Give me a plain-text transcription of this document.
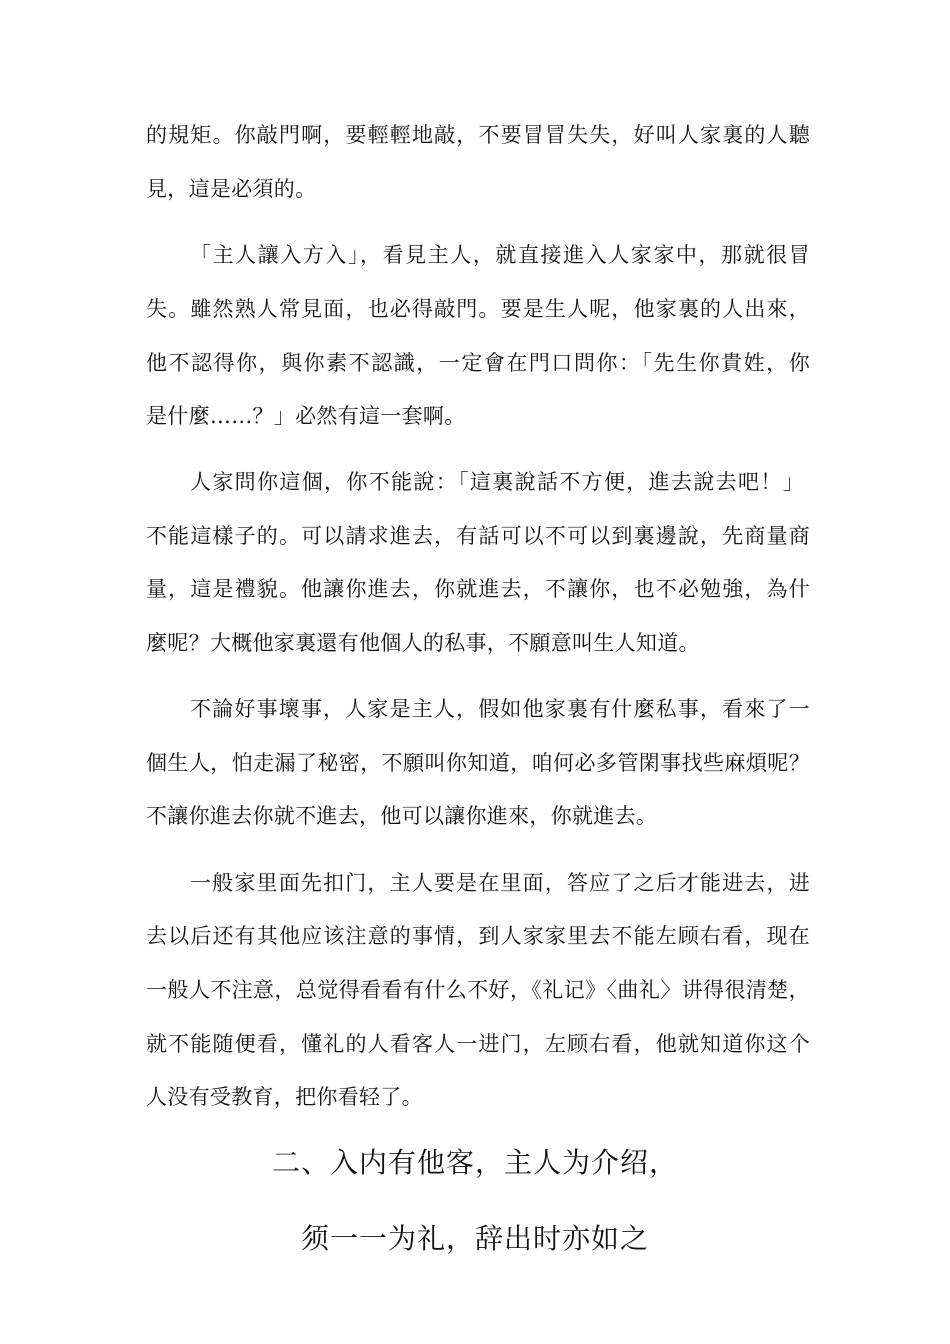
的規矩。你敲門啊，要輕輕地敲，不要冒冒失失，好叫人家裏的人聽
見，這是必須的。
「主人讓入方入」，看見主人，就直接進入人家家中，那就很冒
失。雖然熟人常見面，也必得敲門。要是生人呢，他家裏的人出來，
他不認得你，與你素不認識，一定會在門口問你：「先生你貴姓，你
是什麼……？」必然有這一套啊。
人家問你這個，你不能說：「這裏說話不方便，進去說去吧！」
不能這樣子的。可以請求進去，有話可以不可以到裏邊說，先商量商
量，這是禮貌。他讓你進去，你就進去，不讓你，也不必勉強，為什
麼呢？大概他家裏還有他個人的私事，不願意叫生人知道。
不論好事壞事，人家是主人，假如他家裏有什麼私事，看來了一
個生人，怕走漏了秘密，不願叫你知道，咱何必多管閑事找些麻煩呢？
不讓你進去你就不進去，他可以讓你進來，你就進去。
一般家里面先扣门，主人要是在里面，答应了之后才能进去，进
去以后还有其他应该注意的事情，到人家家里去不能左顾右看，现在
一般人不注意，总觉得看看有什么不好，《礼记》〈曲礼〉讲得很清楚，
就不能随便看，懂礼的人看客人一进门，左顾右看，他就知道你这个
人没有受教育，把你看轻了。
二、入内有他客，主人为介绍，
须一一为礼，辞出时亦如之
